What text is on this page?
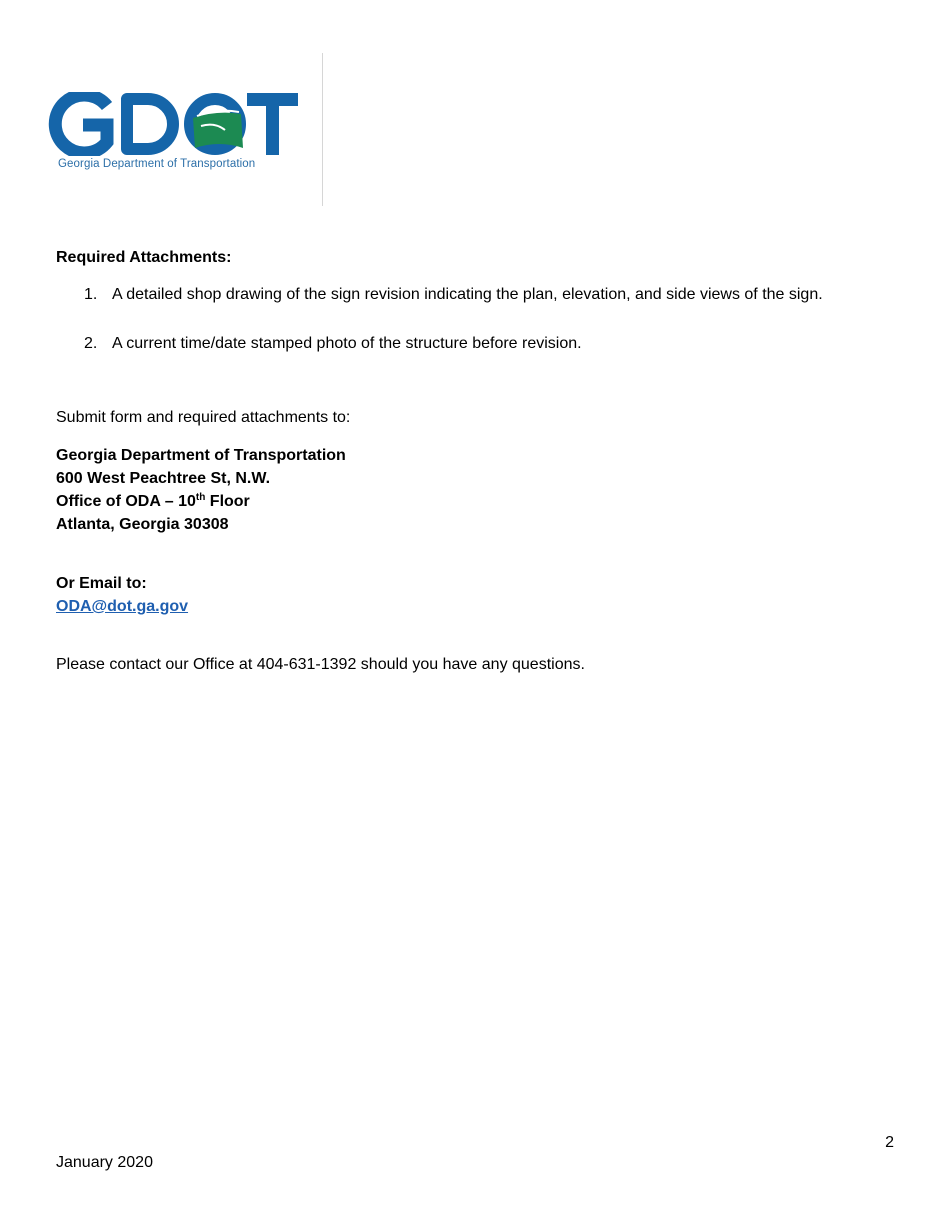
Georgia Department of Transportation
Required Attachments:
1. A detailed shop drawing of the sign revision indicating the plan, elevation, and side views of the sign.
2. A current time/date stamped photo of the structure before revision.
Submit form and required attachments to:
Georgia Department of Transportation
600 West Peachtree St, N.W.
Office of ODA – 10th Floor
Atlanta, Georgia 30308
Or Email to:
ODA@dot.ga.gov
Please contact our Office at 404-631-1392 should you have any questions.
2
January 2020
